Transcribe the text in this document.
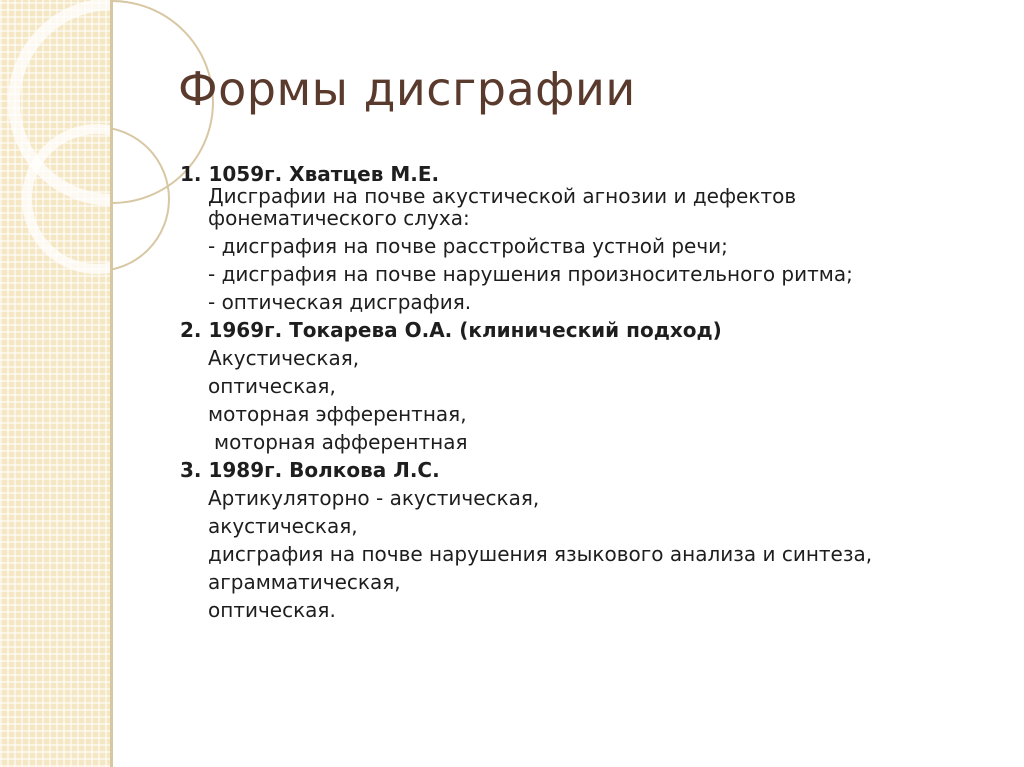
Формы дисграфии
1. 1059г. Хватцев М.Е.
Дисграфии на почве акустической агнозии и дефектов
фонематического слуха:
- дисграфия на почве расстройства устной речи;
- дисграфия на почве нарушения произносительного ритма;
- оптическая дисграфия.
2. 1969г. Токарева О.А. (клинический подход)
Акустическая,
оптическая,
моторная эфферентная,
моторная афферентная
3. 1989г. Волкова Л.С.
Артикуляторно - акустическая,
акустическая,
дисграфия на почве нарушения языкового анализа и синтеза,
аграмматическая,
оптическая.
